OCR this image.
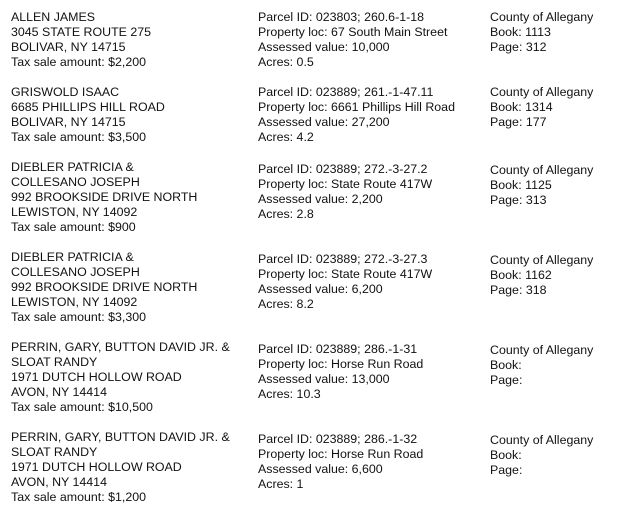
ALLEN JAMES
3045 STATE ROUTE 275
BOLIVAR, NY 14715
Tax sale amount: $2,200
Parcel ID: 023803; 260.6-1-18
Property loc: 67 South Main Street
Assessed value: 10,000
Acres: 0.5
County of Allegany
Book: 1113
Page: 312
GRISWOLD ISAAC
6685 PHILLIPS HILL ROAD
BOLIVAR, NY 14715
Tax sale amount: $3,500
Parcel ID: 023889; 261.-1-47.11
Property loc: 6661 Phillips Hill Road
Assessed value: 27,200
Acres: 4.2
County of Allegany
Book: 1314
Page: 177
DIEBLER PATRICIA &
COLLESANO JOSEPH
992 BROOKSIDE DRIVE NORTH
LEWISTON, NY 14092
Tax sale amount: $900
Parcel ID: 023889; 272.-3-27.2
Property loc: State Route 417W
Assessed value: 2,200
Acres: 2.8
County of Allegany
Book: 1125
Page: 313
DIEBLER PATRICIA &
COLLESANO JOSEPH
992 BROOKSIDE DRIVE NORTH
LEWISTON, NY 14092
Tax sale amount: $3,300
Parcel ID: 023889; 272.-3-27.3
Property loc: State Route 417W
Assessed value: 6,200
Acres: 8.2
County of Allegany
Book: 1162
Page: 318
PERRIN, GARY, BUTTON DAVID JR. &
SLOAT RANDY
1971 DUTCH HOLLOW ROAD
AVON, NY 14414
Tax sale amount: $10,500
Parcel ID: 023889; 286.-1-31
Property loc: Horse Run Road
Assessed value: 13,000
Acres: 10.3
County of Allegany
Book:
Page:
PERRIN, GARY, BUTTON DAVID JR. &
SLOAT RANDY
1971 DUTCH HOLLOW ROAD
AVON, NY 14414
Tax sale amount: $1,200
Parcel ID: 023889; 286.-1-32
Property loc: Horse Run Road
Assessed value: 6,600
Acres: 1
County of Allegany
Book:
Page:
